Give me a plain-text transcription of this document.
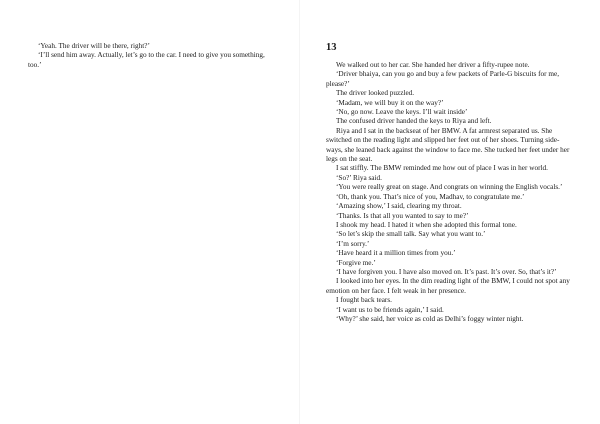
‘Yeah. The driver will be there, right?’

‘I’ll send him away. Actually, let’s go to the car. I need to give you something, too.’

13

We walked out to her car. She handed her driver a fifty-rupee note.

‘Driver bhaiya, can you go and buy a few packets of Parle-G biscuits for me, please?’

The driver looked puzzled.

‘Madam, we will buy it on the way?’

‘No, go now. Leave the keys. I’ll wait inside’

The confused driver handed the keys to Riya and left.

Riya and I sat in the backseat of her BMW. A fat armrest separated us. She switched on the reading light and slipped her feet out of her shoes. Turning side-ways, she leaned back against the window to face me. She tucked her feet under her legs on the seat.

I sat stiffly. The BMW reminded me how out of place I was in her world.

‘So?’ Riya said.

‘You were really great on stage. And congrats on winning the English vocals.’

‘Oh, thank you. That’s nice of you, Madhav, to congratulate me.’

‘Amazing show,’ I said, clearing my throat.

‘Thanks. Is that all you wanted to say to me?’

I shook my head. I hated it when she adopted this formal tone.

‘So let’s skip the small talk. Say what you want to.’

‘I’m sorry.’

‘Have heard it a million times from you.’

‘Forgive me.’

‘I have forgiven you. I have also moved on. It’s past. It’s over. So, that’s it?’

I looked into her eyes. In the dim reading light of the BMW, I could not spot any emotion on her face. I felt weak in her presence.

I fought back tears.

‘I want us to be friends again,’ I said.

‘Why?’ she said, her voice as cold as Delhi’s foggy winter night.
